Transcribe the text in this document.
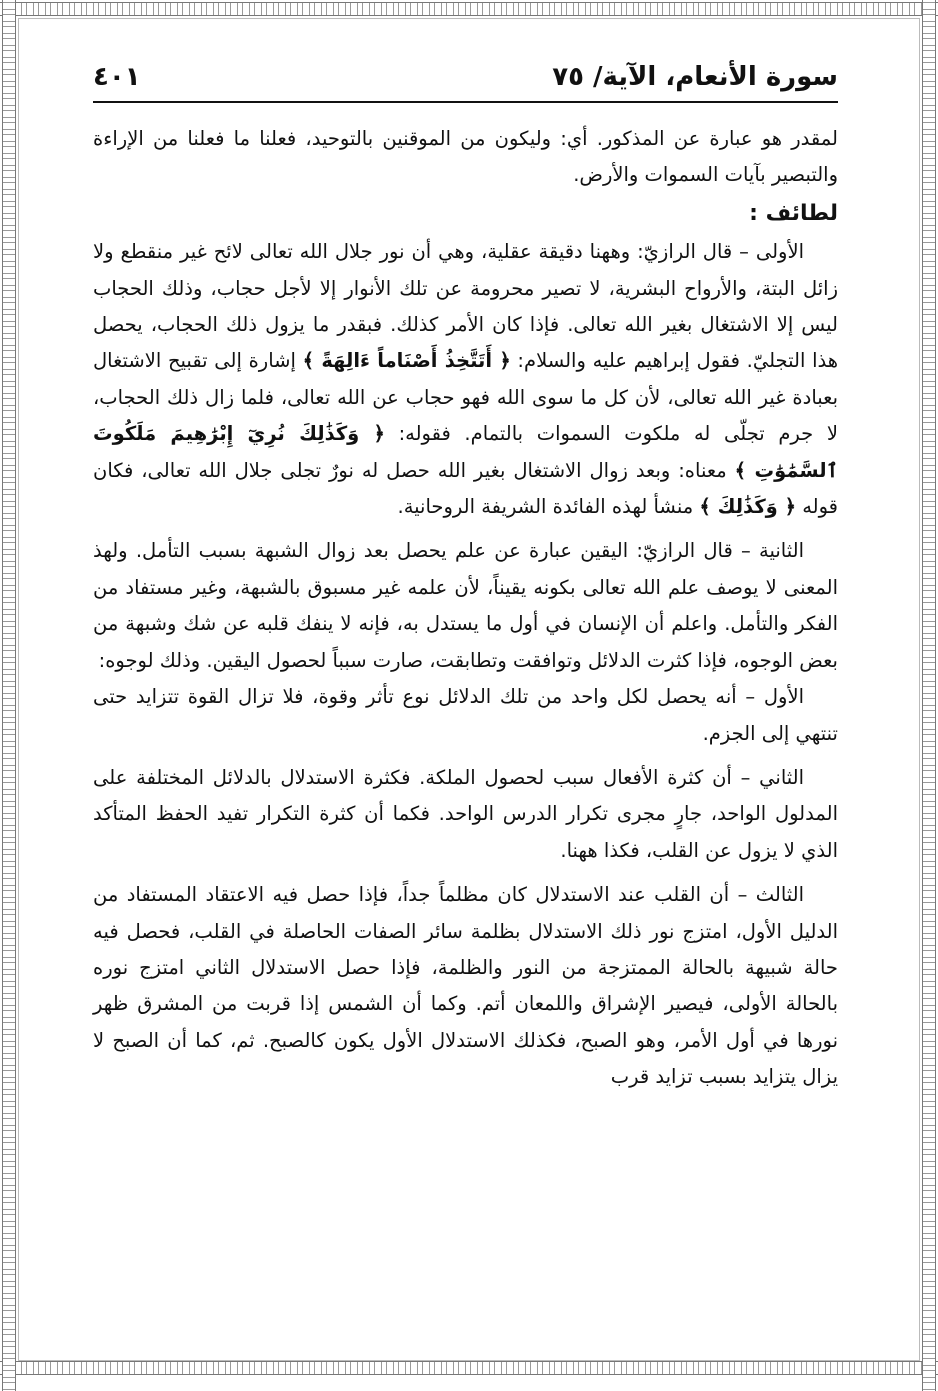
سورة الأنعام، الآية/ ٧٥
٤٠١

لمقدر هو عبارة عن المذكور. أي: وليكون من الموقنين بالتوحيد، فعلنا ما فعلنا من الإراءة والتبصير بآيات السموات والأرض.

لطائف :

الأولى – قال الرازيّ: وههنا دقيقة عقلية، وهي أن نور جلال الله تعالى لائح غير منقطع ولا زائل البتة، والأرواح البشرية، لا تصير محرومة عن تلك الأنوار إلا لأجل حجاب، وذلك الحجاب ليس إلا الاشتغال بغير الله تعالى. فإذا كان الأمر كذلك. فبقدر ما يزول ذلك الحجاب، يحصل هذا التجليّ. فقول إبراهيم عليه والسلام: ﴿ أَتَتَّخِذُ أَصْنَاماً ءَالِهَةً ﴾ إشارة إلى تقبيح الاشتغال بعبادة غير الله تعالى، لأن كل ما سوى الله فهو حجاب عن الله تعالى، فلما زال ذلك الحجاب، لا جرم تجلّى له ملكوت السموات بالتمام. فقوله: ﴿ وَكَذَٰلِكَ نُرِيٓ إِبْرَٰهِيمَ مَلَكُوتَ ٱلسَّمَٰوَٰتِ ﴾ معناه: وبعد زوال الاشتغال بغير الله حصل له نورٌ تجلى جلال الله تعالى، فكان قوله ﴿ وَكَذَٰلِكَ ﴾ منشأ لهذه الفائدة الشريفة الروحانية.

الثانية – قال الرازيّ: اليقين عبارة عن علم يحصل بعد زوال الشبهة بسبب التأمل. ولهذ المعنى لا يوصف علم الله تعالى بكونه يقيناً، لأن علمه غير مسبوق بالشبهة، وغير مستفاد من الفكر والتأمل. واعلم أن الإنسان في أول ما يستدل به، فإنه لا ينفك قلبه عن شك وشبهة من بعض الوجوه، فإذا كثرت الدلائل وتوافقت وتطابقت، صارت سبباً لحصول اليقين. وذلك لوجوه:

الأول – أنه يحصل لكل واحد من تلك الدلائل نوع تأثر وقوة، فلا تزال القوة تتزايد حتى تنتهي إلى الجزم.

الثاني – أن كثرة الأفعال سبب لحصول الملكة. فكثرة الاستدلال بالدلائل المختلفة على المدلول الواحد، جارٍ مجرى تكرار الدرس الواحد. فكما أن كثرة التكرار تفيد الحفظ المتأكد الذي لا يزول عن القلب، فكذا ههنا.

الثالث – أن القلب عند الاستدلال كان مظلماً جداً، فإذا حصل فيه الاعتقاد المستفاد من الدليل الأول، امتزج نور ذلك الاستدلال بظلمة سائر الصفات الحاصلة في القلب، فحصل فيه حالة شبيهة بالحالة الممتزجة من النور والظلمة، فإذا حصل الاستدلال الثاني امتزج نوره بالحالة الأولى، فيصير الإشراق واللمعان أتم. وكما أن الشمس إذا قربت من المشرق ظهر نورها في أول الأمر، وهو الصبح، فكذلك الاستدلال الأول يكون كالصبح. ثم، كما أن الصبح لا يزال يتزايد بسبب تزايد قرب
